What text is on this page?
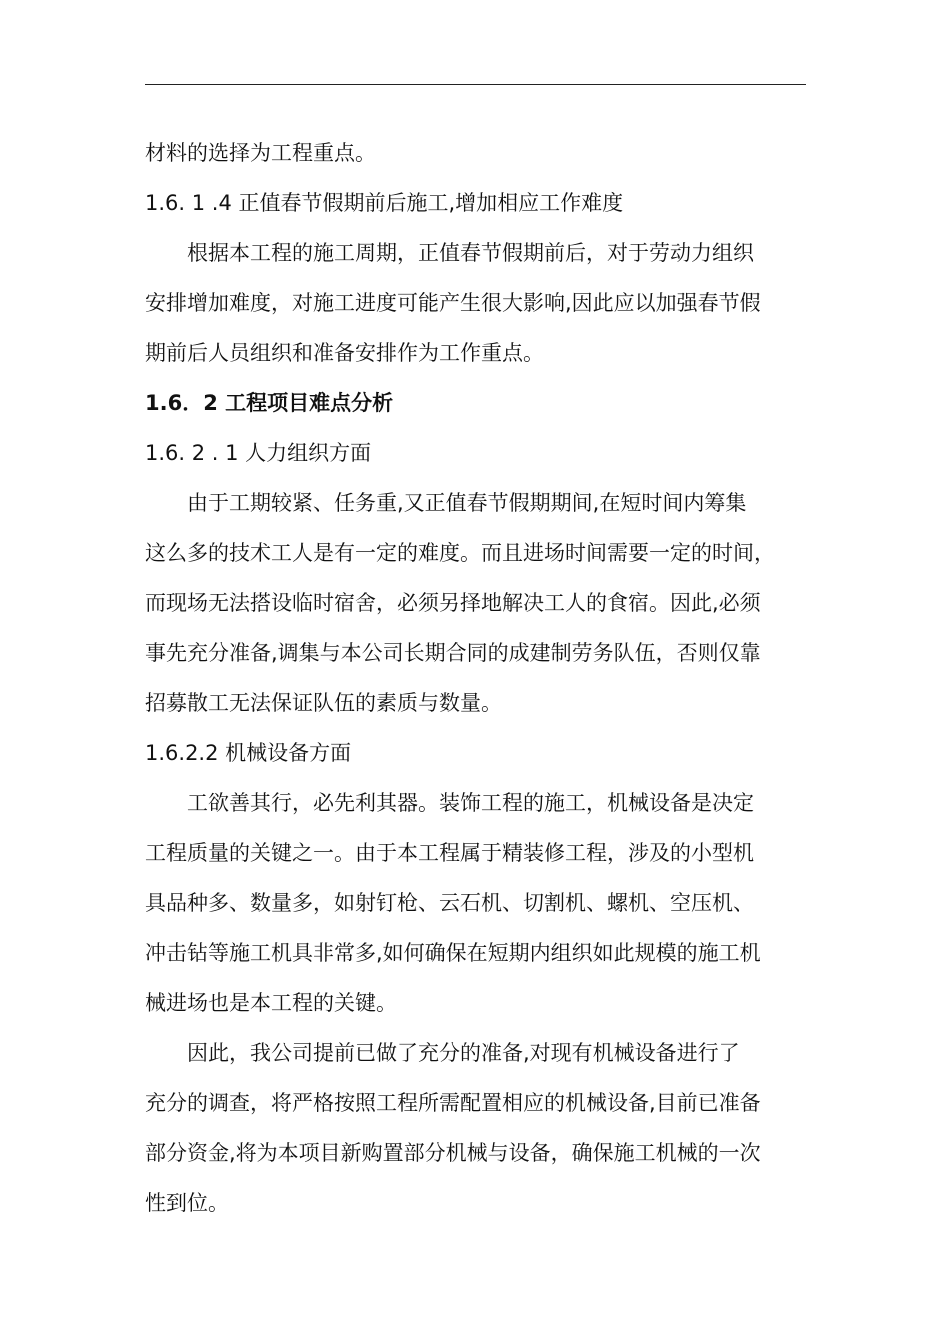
材料的选择为工程重点。

1.6. 1 .4 正值春节假期前后施工,增加相应工作难度

根据本工程的施工周期，正值春节假期前后，对于劳动力组织

安排增加难度，对施工进度可能产生很大影响,因此应以加强春节假

期前后人员组织和准备安排作为工作重点。

1.6．2 工程项目难点分析

1.6. 2 . 1 人力组织方面

由于工期较紧、任务重,又正值春节假期期间,在短时间内筹集

这么多的技术工人是有一定的难度。而且进场时间需要一定的时间，

而现场无法搭设临时宿舍，必须另择地解决工人的食宿。因此,必须

事先充分准备,调集与本公司长期合同的成建制劳务队伍，否则仅靠

招募散工无法保证队伍的素质与数量。

1.6.2.2 机械设备方面

工欲善其行，必先利其器。装饰工程的施工，机械设备是决定

工程质量的关键之一。由于本工程属于精装修工程，涉及的小型机

具品种多、数量多，如射钉枪、云石机、切割机、螺机、空压机、

冲击钻等施工机具非常多,如何确保在短期内组织如此规模的施工机

械进场也是本工程的关键。

因此，我公司提前已做了充分的准备,对现有机械设备进行了

充分的调查，将严格按照工程所需配置相应的机械设备,目前已准备

部分资金,将为本项目新购置部分机械与设备，确保施工机械的一次

性到位。
